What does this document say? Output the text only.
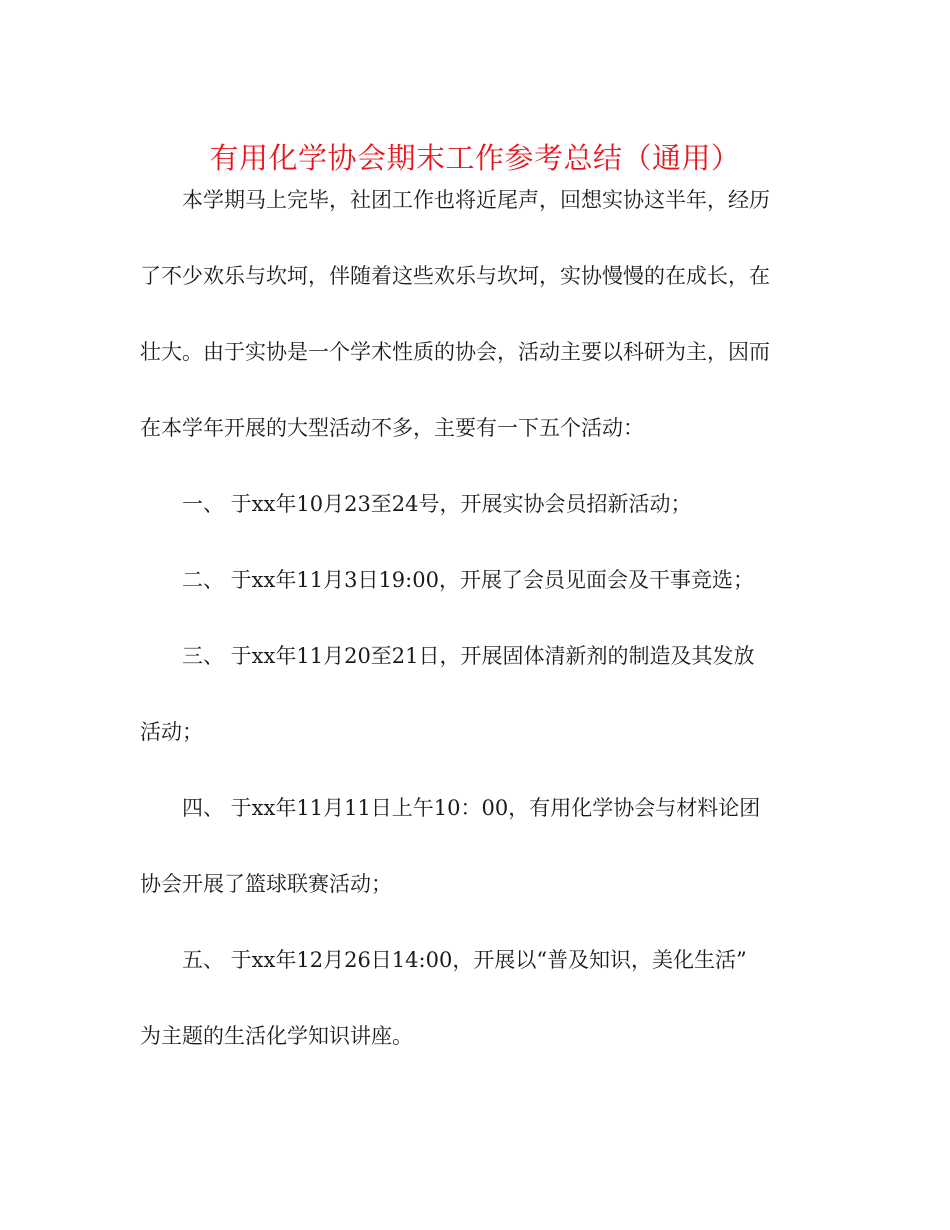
有用化学协会期末工作参考总结（通用）
本学期马上完毕，社团工作也将近尾声，回想实协这半年，经历
了不少欢乐与坎坷，伴随着这些欢乐与坎坷，实协慢慢的在成长，在
壮大。由于实协是一个学术性质的协会，活动主要以科研为主，因而
在本学年开展的大型活动不多，主要有一下五个活动：
一、 于xx年10月23至24号，开展实协会员招新活动；
二、 于xx年11月3日19:00，开展了会员见面会及干事竞选；
三、 于xx年11月20至21日，开展固体清新剂的制造及其发放
活动；
四、 于xx年11月11日上午10：00，有用化学协会与材料论团
协会开展了篮球联赛活动；
五、 于xx年12月26日14:00，开展以“普及知识，美化生活”
为主题的生活化学知识讲座。
